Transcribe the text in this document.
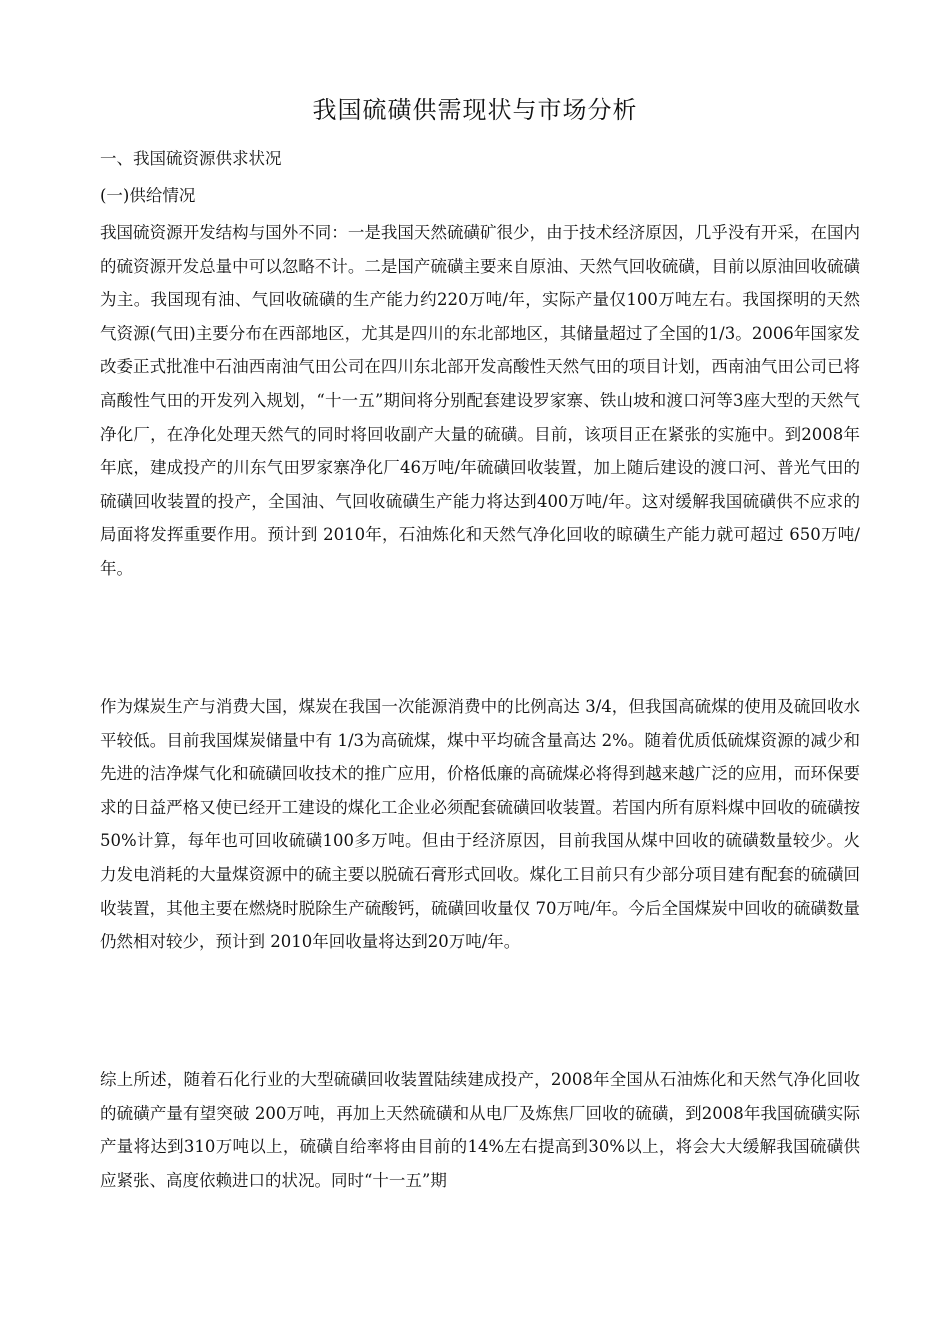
我国硫磺供需现状与市场分析
一、我国硫资源供求状况
(一)供给情况

我国硫资源开发结构与国外不同：一是我国天然硫磺矿很少，由于技术经济原因，几乎没有开采，在国内的硫资源开发总量中可以忽略不计。二是国产硫磺主要来自原油、天然气回收硫磺，目前以原油回收硫磺为主。我国现有油、气回收硫磺的生产能力约220万吨/年，实际产量仅100万吨左右。我国探明的天然气资源(气田)主要分布在西部地区，尤其是四川的东北部地区，其储量超过了全国的1/3。2006年国家发改委正式批准中石油西南油气田公司在四川东北部开发高酸性天然气田的项目计划，西南油气田公司已将高酸性气田的开发列入规划，“十一五”期间将分别配套建设罗家寨、铁山坡和渡口河等3座大型的天然气净化厂，在净化处理天然气的同时将回收副产大量的硫磺。目前，该项目正在紧张的实施中。到2008年年底，建成投产的川东气田罗家寨净化厂46万吨/年硫磺回收装置，加上随后建设的渡口河、普光气田的硫磺回收装置的投产，全国油、气回收硫磺生产能力将达到400万吨/年。这对缓解我国硫磺供不应求的局面将发挥重要作用。预计到 2010年，石油炼化和天然气净化回收的晾磺生产能力就可超过 650万吨/年。

作为煤炭生产与消费大国，煤炭在我国一次能源消费中的比例高达 3/4，但我国高硫煤的使用及硫回收水平较低。目前我国煤炭储量中有 1/3为高硫煤，煤中平均硫含量高达 2%。随着优质低硫煤资源的减少和先进的洁净煤气化和硫磺回收技术的推广应用，价格低廉的高硫煤必将得到越来越广泛的应用，而环保要求的日益严格又使已经开工建设的煤化工企业必须配套硫磺回收装置。若国内所有原料煤中回收的硫磺按 50%计算，每年也可回收硫磺100多万吨。但由于经济原因，目前我国从煤中回收的硫磺数量较少。火力发电消耗的大量煤资源中的硫主要以脱硫石膏形式回收。煤化工目前只有少部分项目建有配套的硫磺回收装置，其他主要在燃烧时脱除生产硫酸钙，硫磺回收量仅 70万吨/年。今后全国煤炭中回收的硫磺数量仍然相对较少，预计到 2010年回收量将达到20万吨/年。

综上所述，随着石化行业的大型硫磺回收装置陆续建成投产，2008年全国从石油炼化和天然气净化回收的硫磺产量有望突破 200万吨，再加上天然硫磺和从电厂及炼焦厂回收的硫磺，到2008年我国硫磺实际产量将达到310万吨以上，硫磺自给率将由目前的14%左右提高到30%以上，将会大大缓解我国硫磺供应紧张、高度依赖进口的状况。同时“十一五”期
